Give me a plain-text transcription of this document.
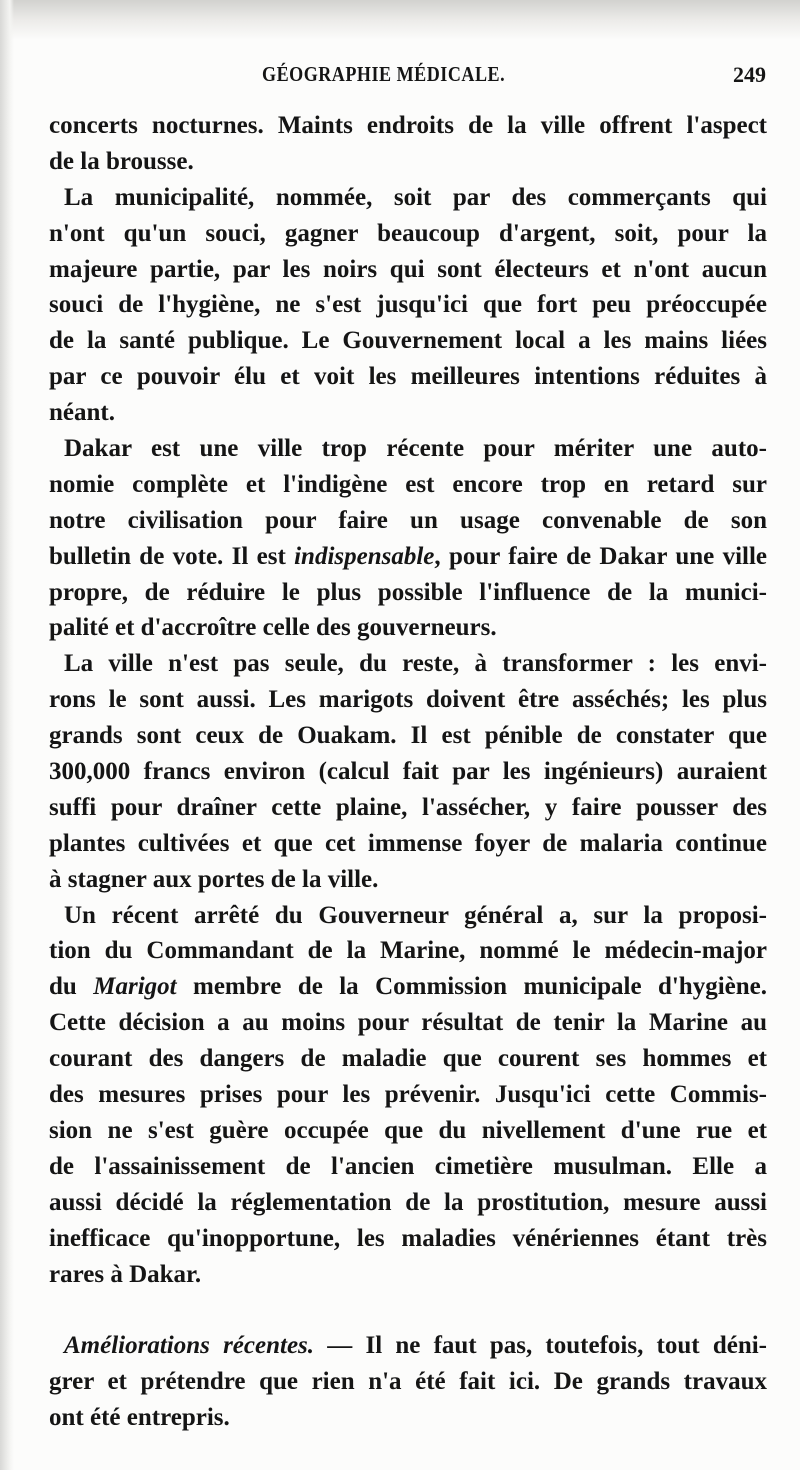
GÉOGRAPHIE MÉDICALE.	249
concerts nocturnes. Maints endroits de la ville offrent l'aspect
de la brousse.
La municipalité, nommée, soit par des commerçants qui
n'ont qu'un souci, gagner beaucoup d'argent, soit, pour la
majeure partie, par les noirs qui sont électeurs et n'ont aucun
souci de l'hygiène, ne s'est jusqu'ici que fort peu préoccupée
de la santé publique. Le Gouvernement local a les mains liées
par ce pouvoir élu et voit les meilleures intentions réduites à
néant.
Dakar est une ville trop récente pour mériter une auto-
nomie complète et l'indigène est encore trop en retard sur
notre civilisation pour faire un usage convenable de son
bulletin de vote. Il est indispensable, pour faire de Dakar une ville
propre, de réduire le plus possible l'influence de la munici-
palité et d'accroître celle des gouverneurs.
La ville n'est pas seule, du reste, à transformer : les envi-
rons le sont aussi. Les marigots doivent être asséchés; les plus
grands sont ceux de Ouakam. Il est pénible de constater que
300,000 francs environ (calcul fait par les ingénieurs) auraient
suffi pour draîner cette plaine, l'assécher, y faire pousser des
plantes cultivées et que cet immense foyer de malaria continue
à stagner aux portes de la ville.
Un récent arrêté du Gouverneur général a, sur la proposi-
tion du Commandant de la Marine, nommé le médecin-major
du Marigot membre de la Commission municipale d'hygiène.
Cette décision a au moins pour résultat de tenir la Marine au
courant des dangers de maladie que courent ses hommes et
des mesures prises pour les prévenir. Jusqu'ici cette Commis-
sion ne s'est guère occupée que du nivellement d'une rue et
de l'assainissement de l'ancien cimetière musulman. Elle a
aussi décidé la réglementation de la prostitution, mesure aussi
inefficace qu'inopportune, les maladies vénériennes étant très
rares à Dakar.
Améliorations récentes. — Il ne faut pas, toutefois, tout déni-
grer et prétendre que rien n'a été fait ici. De grands travaux
ont été entrepris.
